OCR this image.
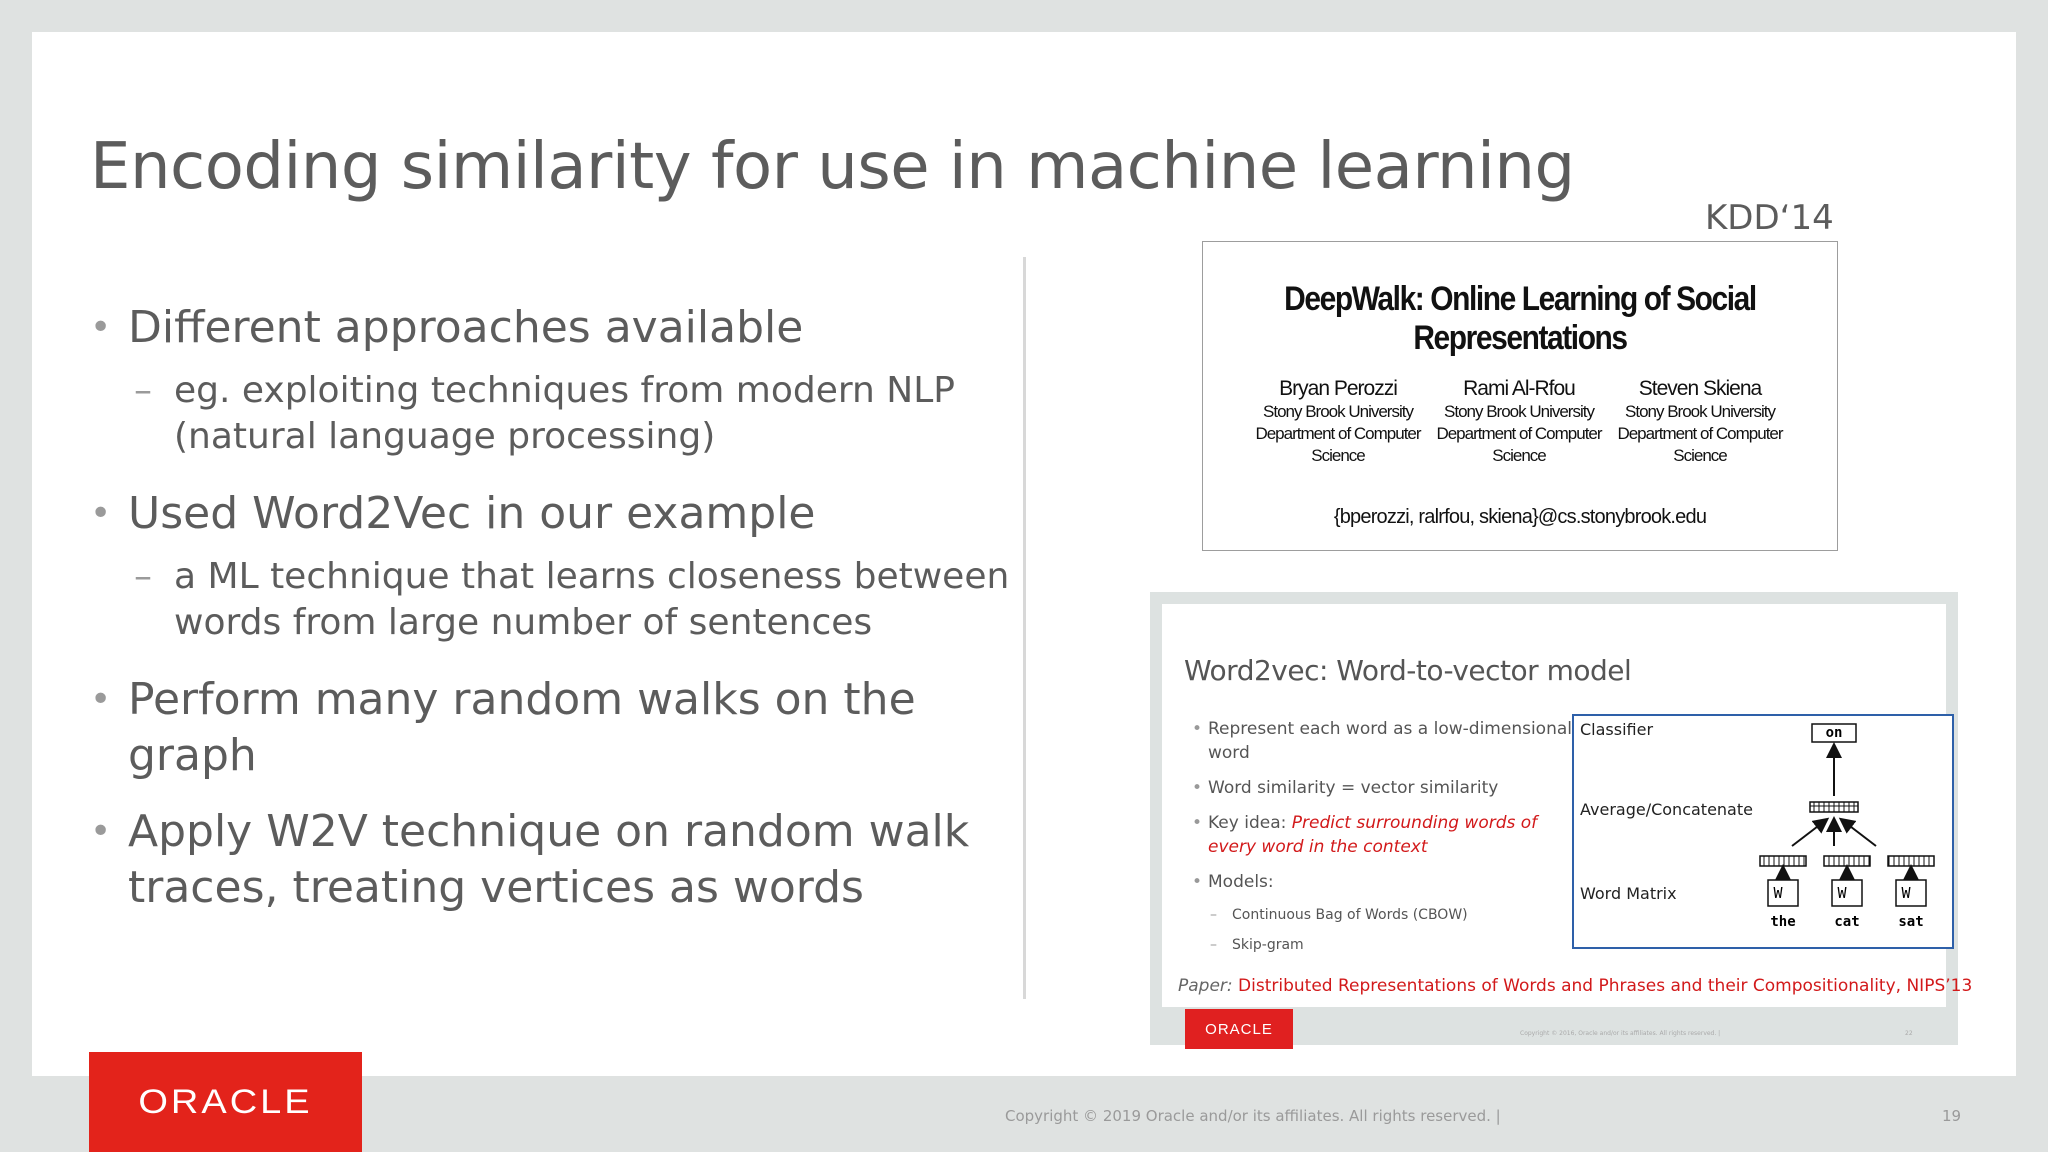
Encoding similarity for use in machine learning
• Different approaches available
– eg. exploiting techniques from modern NLP
(natural language processing)
• Used Word2Vec in our example
– a ML technique that learns closeness between
words from large number of sentences
• Perform many random walks on the
graph
• Apply W2V technique on random walk
traces, treating vertices as words
KDD‘14
DeepWalk: Online Learning of Social Representations
Bryan Perozzi
Stony Brook University
Department of Computer
Science
Rami Al-Rfou
Stony Brook University
Department of Computer
Science
Steven Skiena
Stony Brook University
Department of Computer
Science
{bperozzi, ralrfou, skiena}@cs.stonybrook.edu
Word2vec: Word-to-vector model
• Represent each word as a low-dimensional word
• Word similarity = vector similarity
• Key idea: Predict surrounding words of every word in the context
• Models:
– Continuous Bag of Words (CBOW)
– Skip-gram
Classifier
Average/Concatenate
Word Matrix
on
W	W	W
the	cat	sat
Paper: Distributed Representations of Words and Phrases and their Compositionality, NIPS’13
ORACLE	Copyright © 2016, Oracle and/or its affiliates. All rights reserved. |	22
ORACLE	Copyright © 2019 Oracle and/or its affiliates. All rights reserved. |	19
